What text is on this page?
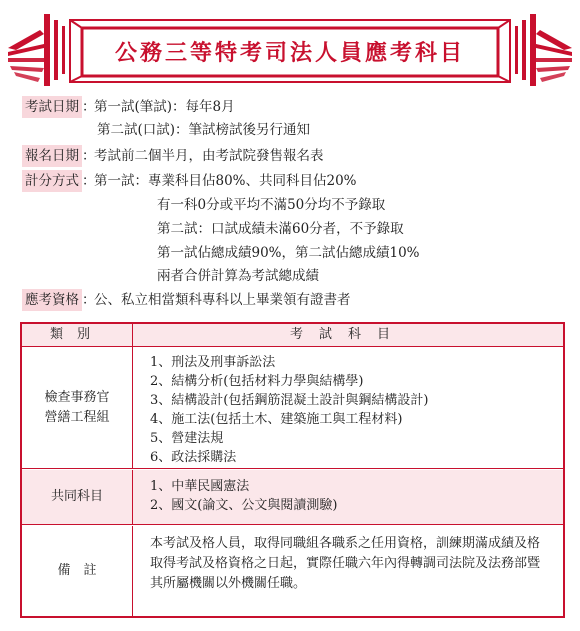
公務三等特考司法人員應考科目
考試日期 ：第一試(筆試)：每年8月
第二試(口試)：筆試榜試後另行通知
報名日期 ：考試前二個半月，由考試院發售報名表
計分方式 ：第一試：專業科目佔80%、共同科目佔20%
有一科0分或平均不滿50分均不予錄取
第二試：口試成績未滿60分者，不予錄取
第一試佔總成績90%，第二試佔總成績10%
兩者合併計算為考試總成績
應考資格 ：公、私立相當類科專科以上畢業領有證書者
類別	考試科目
檢查事務官
營繕工程組
1、刑法及刑事訴訟法
2、結構分析(包括材料力學與結構學)
3、結構設計(包括鋼筋混凝土設計與鋼結構設計)
4、施工法(包括土木、建築施工與工程材料)
5、營建法規
6、政法採購法
共同科目
1、中華民國憲法
2、國文(論文、公文與閱讀測驗)
備　註
本考試及格人員，取得同職組各職系之任用資格，訓練期滿成績及格取得考試及格資格之日起，實際任職六年內得轉調司法院及法務部暨其所屬機關以外機關任職。
